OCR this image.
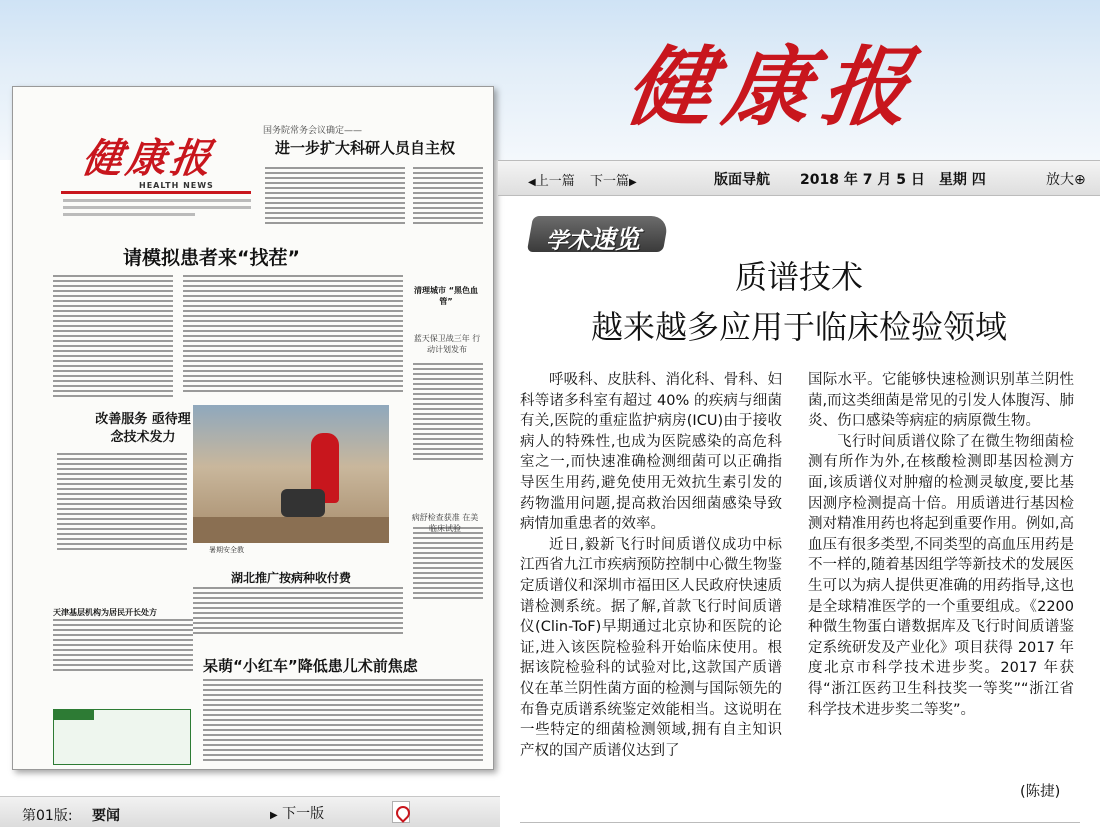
健康报
健康报
HEALTH NEWS
国务院常务会议确定——
进一步扩大科研人员自主权
请模拟患者来“找茬”
改善服务 亟待理念技术发力
暑期安全教
清理城市 “黑色血管”
蓝天保卫战三年 行动计划发布
病舒检查获准 在美临床试验
湖北推广按病种收付费
天津基层机构为居民开长处方
呆萌“小红车”降低患儿术前焦虑
第01版: 要闻	▶ 下一版
◀上一篇 下一篇▶	版面导航 2018 年 7 月 5 日　星期 四	放大⊕
学术速览
质谱技术
越来越多应用于临床检验领域

呼吸科、皮肤科、消化科、骨科、妇科等诸多科室有超过 40% 的疾病与细菌有关,医院的重症监护病房(ICU)由于接收病人的特殊性,也成为医院感染的高危科室之一,而快速准确检测细菌可以正确指导医生用药,避免使用无效抗生素引发的药物滥用问题,提高救治因细菌感染导致病情加重患者的效率。

近日,毅新飞行时间质谱仪成功中标江西省九江市疾病预防控制中心微生物鉴定质谱仪和深圳市福田区人民政府快速质谱检测系统。据了解,首款飞行时间质谱仪(Clin-ToF)早期通过北京协和医院的论证,进入该医院检验科开始临床使用。根据该院检验科的试验对比,这款国产质谱仪在革兰阴性菌方面的检测与国际领先的布鲁克质谱系统鉴定效能相当。这说明在一些特定的细菌检测领域,拥有自主知识产权的国产质谱仪达到了

国际水平。它能够快速检测识别革兰阴性菌,而这类细菌是常见的引发人体腹泻、肺炎、伤口感染等病症的病原微生物。

飞行时间质谱仪除了在微生物细菌检测有所作为外,在核酸检测即基因检测方面,该质谱仪对肿瘤的检测灵敏度,要比基因测序检测提高十倍。用质谱进行基因检测对精准用药也将起到重要作用。例如,高血压有很多类型,不同类型的高血压用药是不一样的,随着基因组学等新技术的发展医生可以为病人提供更准确的用药指导,这也是全球精准医学的一个重要组成。《2200 种微生物蛋白谱数据库及飞行时间质谱鉴定系统研发及产业化》项目获得 2017 年度北京市科学技术进步奖。2017 年获得“浙江医药卫生科技奖一等奖”“浙江省科学技术进步奖二等奖”。

(陈捷)
